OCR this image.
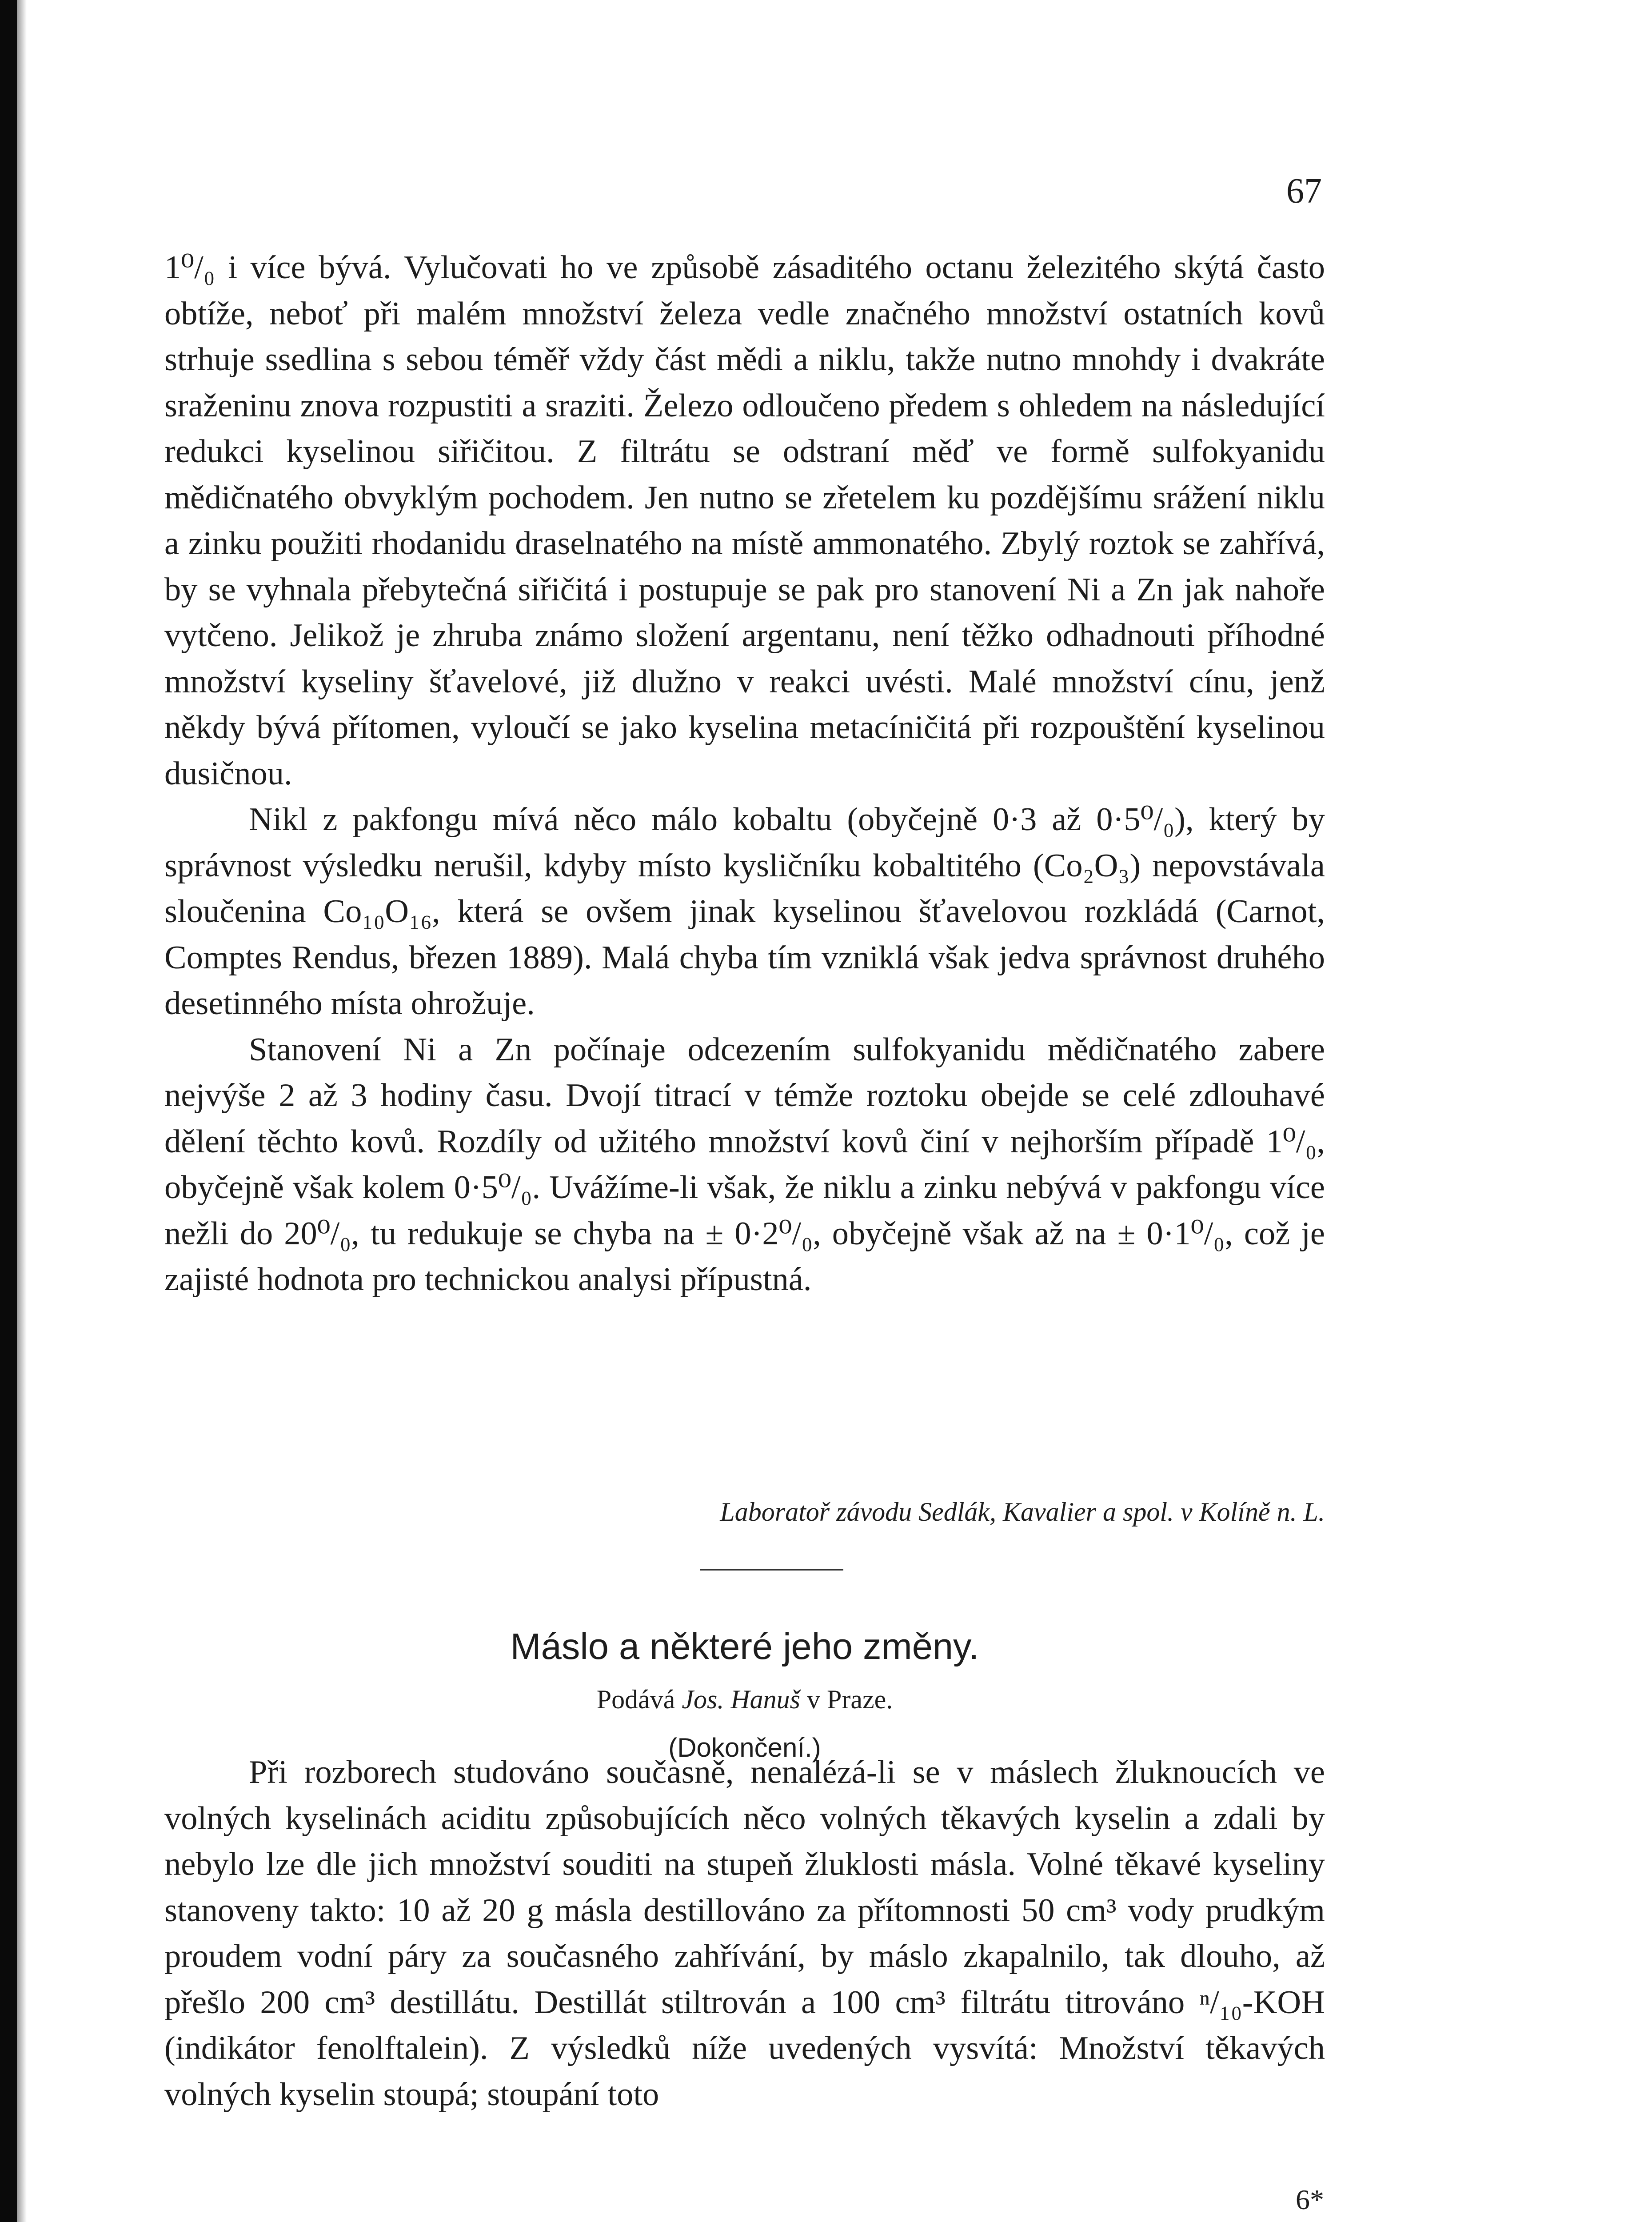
67

1⁰/₀ i více bývá. Vylučovati ho ve způsobě zásaditého octanu železitého skýtá často obtíže, neboť při malém množství železa vedle značného množství ostatních kovů strhuje ssedlina s sebou téměř vždy část mědi a niklu, takže nutno mnohdy i dvakráte sraženinu znova rozpustiti a sraziti. Železo odloučeno předem s ohledem na následující redukci kyselinou siřičitou. Z filtrátu se odstraní měď ve formě sulfokyanidu mědičnatého obvyklým pochodem. Jen nutno se zřetelem ku pozdějšímu srážení niklu a zinku použiti rhodanidu draselnatého na místě ammonatého. Zbylý roztok se zahřívá, by se vyhnala přebytečná siřičitá i postupuje se pak pro stanovení Ni a Zn jak nahoře vytčeno. Jelikož je zhruba známo složení argentanu, není těžko odhadnouti příhodné množství kyseliny šťavelové, již dlužno v reakci uvésti. Malé množství cínu, jenž někdy bývá přítomen, vyloučí se jako kyselina metacíničitá při rozpouštění kyselinou dusičnou.

Nikl z pakfongu mívá něco málo kobaltu (obyčejně 0·3 až 0·5⁰/₀), který by správnost výsledku nerušil, kdyby místo kysličníku kobaltitého (Co₂O₃) nepovstávala sloučenina Co₁₀O₁₆, která se ovšem jinak kyselinou šťavelovou rozkládá (Carnot, Comptes Rendus, březen 1889). Malá chyba tím vzniklá však jedva správnost druhého desetinného místa ohrožuje.

Stanovení Ni a Zn počínaje odcezením sulfokyanidu mědičnatého zabere nejvýše 2 až 3 hodiny času. Dvojí titrací v témže roztoku obejde se celé zdlouhavé dělení těchto kovů. Rozdíly od užitého množství kovů činí v nejhorším případě 1⁰/₀, obyčejně však kolem 0·5⁰/₀. Uvážíme-li však, že niklu a zinku nebývá v pakfongu více nežli do 20⁰/₀, tu redukuje se chyba na ± 0·2⁰/₀, obyčejně však až na ± 0·1⁰/₀, což je zajisté hodnota pro technickou analysi přípustná.

Laboratoř závodu Sedlák, Kavalier a spol. v Kolíně n. L.
Máslo a některé jeho změny.
Podává Jos. Hanuš v Praze.
(Dokončení.)

Při rozborech studováno současně, nenalézá-li se v máslech žluknoucích ve volných kyselinách aciditu způsobujících něco volných těkavých kyselin a zdali by nebylo lze dle jich množství souditi na stupeň žluklosti másla. Volné těkavé kyseliny stanoveny takto: 10 až 20 g másla destillováno za přítomnosti 50 cm³ vody prudkým proudem vodní páry za současného zahřívání, by máslo zkapalnilo, tak dlouho, až přešlo 200 cm³ destillátu. Destillát stiltrován a 100 cm³ filtrátu titrováno ⁿ/₁₀-KOH (indikátor fenolftalein). Z výsledků níže uvedených vysvítá: Množství těkavých volných kyselin stoupá; stoupání toto

6*
